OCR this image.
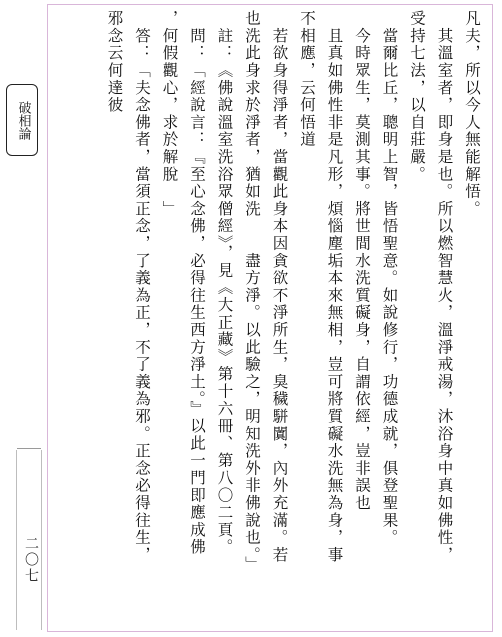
破相論
二〇七

凡夫，所以今人無能解悟。

　其溫室者，即身是也。所以燃智慧火，溫淨戒湯，沐浴身中真如佛性，

受持七法，以自莊嚴。

　當爾比丘，聰明上智，皆悟聖意。如說修行，功德成就，俱登聖果。

　今時眾生，莫測其事。將世間水洗質礙身，自謂依經，豈非誤也

　且真如佛性非是凡形，煩惱塵垢本來無相，豈可將質礙水洗無為身，事

不相應，云何悟道

　若欲身得淨者，當觀此身本因貪欲不淨所生，臭穢駢闐，內外充滿。若

也洗此身求於淨者，猶如洗　　盡方淨。以此驗之，明知洗外非佛說也。」

　註：《佛說溫室洗浴眾僧經》，見《大正藏》第十六冊、第八〇二頁。

　問：「經說言：『至心念佛，必得往生西方淨土。』以此一門即應成佛

，何假觀心，求於解脫　」

　答：「夫念佛者，當須正念，了義為正，不了義為邪。正念必得往生，

邪念云何達彼
